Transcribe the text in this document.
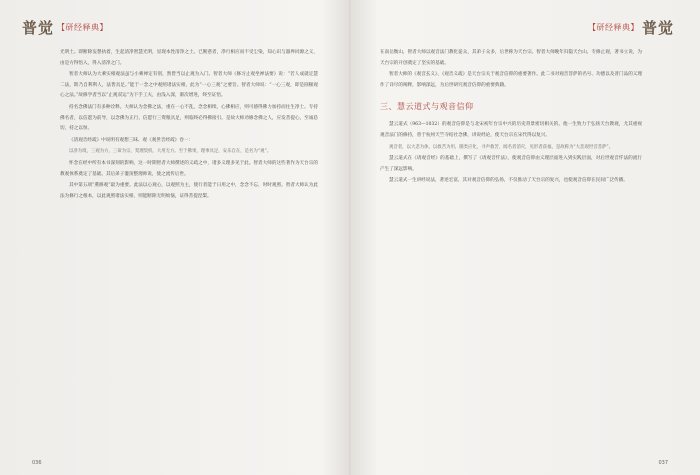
普觉 【研经释典】

光明土。即断除妄想执着，生起清净智慧光明，显现本性清净之土。已断惑者，净行相应而不受尘染，知心识与器界同源之义，由是方得悟入，得入清净之门。

智者大师认为大乘实相观法虽与小乘禅定有别，然皆当以止观为入门。智者大师《修习止观坐禅法要》说：“若人成就定慧二法，斯乃自利利人，法皆具足。”能于一念之中观照诸法实相，此为“一心三观”之要旨。智者大师说：“一心三观，即是圆顿观心之法。”故修学者当以“止观双运”为下手工夫，由浅入深，渐次增进，终至证悟。

持名念佛法门有多种诠释。大师认为念佛之法，重在一心不乱，念念相续，心佛相应，则可感得佛力加持而往生净土。专持佛名者，以信愿为前导，以念佛为正行，信愿行三资粮具足，则临终必得佛接引。是故大师劝修念佛之人，应发菩提心，至诚恳切，持之以恒。

《清观音经疏》中说明有观想三昧、观《观世音经疏》卷一：

以净为境，三观为方，三谛为宗，契理契机，大用无方。至于佛果，理事具足，安乐自在，是名为“观”。

怀念在经中所有本书深刻的影响，这一时期智者大师撰述的义疏之中，诸多义理多见于此。智者大师的这些著作为天台宗的教观体系奠定了基础。其后弟子灌顶整理师说，使之流传后世。

其中第五项“熏修观”最为重要。此法以心观心，以观照为主，使行者能于日用之中，念念不忘，时时观照。智者大师认为此法为修行之根本，以此观照诸法实相，则能断除无明烦恼，证得菩提涅槃。

036
【研经释典】 普觉

在南岳衡山，智者大师以观音法门教化徒众，其弟子众多，后世称为天台宗。智者大师晚年归隐天台山，专修止观，著书立说，为天台宗的开创奠定了坚实的基础。

智者大师的《观音玄义》、《观音义疏》是天台宗关于观音信仰的重要著作。此二书对观音菩萨的名号、功德以及普门品的义理作了详尽的阐释，影响深远，为后世研究观音信仰的重要典籍。

三、慧云道式与观音信仰

慧云道式（963—1032）的观音信仰是与北宋初年台宗中兴的历史背景密切相关的。他一生致力于弘扬天台教观，尤其重视观音法门的修持，曾于杭州天竺寺结社念佛，讲说经论，使天台宗在宋代得以复兴。

观音者，以大悲为体，以救苦为用，随类应化，寻声救苦，闻名者消灾，见形者获福，是故称为“大悲观世音菩萨”。

慧云道式在《请观音经》的基础上，撰写了《请观音忏法》，使观音信仰由义理层面进入到实践层面，对后世观音忏法的流行产生了深远影响。

慧云道式一生讲经说法，著述宏富，其对观音信仰的弘扬，不仅推动了天台宗的复兴，也使观音信仰在民间广泛传播。

037
